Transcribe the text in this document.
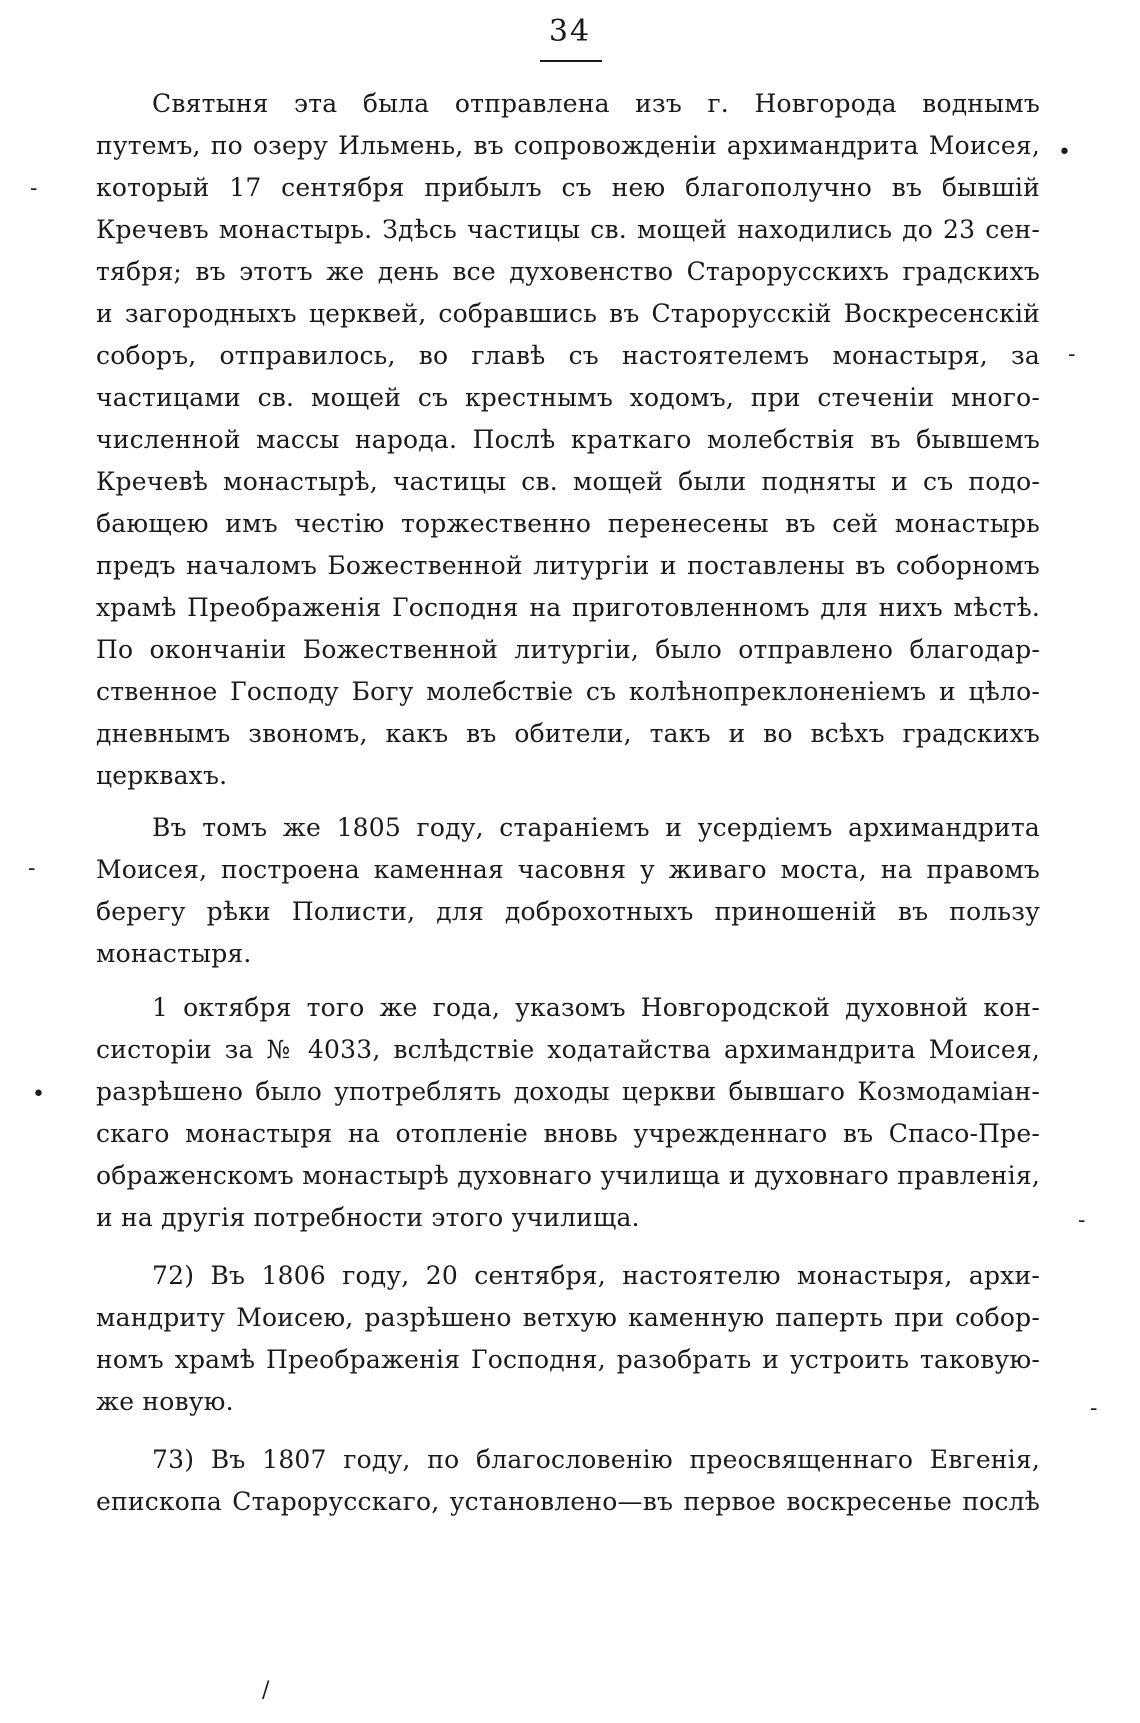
34
Святыня эта была отправлена изъ г. Новгорода воднымъ
путемъ, по озеру Ильмень, въ сопровожденіи архимандрита Моисея,
который 17 сентября прибылъ съ нею благополучно въ бывшій
Кречевъ монастырь. Здѣсь частицы св. мощей находились до 23 сен-
тября; въ этотъ же день все духовенство Старорусскихъ градскихъ
и загородныхъ церквей, собравшись въ Старорусскій Воскресенскій
соборъ, отправилось, во главѣ съ настоятелемъ монастыря, за
частицами св. мощей съ крестнымъ ходомъ, при стеченіи много-
численной массы народа. Послѣ краткаго молебствія въ бывшемъ
Кречевѣ монастырѣ, частицы св. мощей были подняты и съ подо-
бающею имъ честію торжественно перенесены въ сей монастырь
предъ началомъ Божественной литургіи и поставлены въ соборномъ
храмѣ Преображенія Господня на приготовленномъ для нихъ мѣстѣ.
По окончаніи Божественной литургіи, было отправлено благодар-
ственное Господу Богу молебствіе съ колѣнопреклоненіемъ и цѣло-
дневнымъ звономъ, какъ въ обители, такъ и во всѣхъ градскихъ
церквахъ.
Въ томъ же 1805 году, стараніемъ и усердіемъ архимандрита
Моисея, построена каменная часовня у живаго моста, на правомъ
берегу рѣки Полисти, для доброхотныхъ приношеній въ пользу
монастыря.
1 октября того же года, указомъ Новгородской духовной кон-
систоріи за № 4033, вслѣдствіе ходатайства архимандрита Моисея,
разрѣшено было употреблять доходы церкви бывшаго Козмодаміан-
скаго монастыря на отопленіе вновь учрежденнаго въ Спасо-Пре-
ображенскомъ монастырѣ духовнаго училища и духовнаго правленія,
и на другія потребности этого училища.
72) Въ 1806 году, 20 сентября, настоятелю монастыря, архи-
мандриту Моисею, разрѣшено ветхую каменную паперть при собор-
номъ храмѣ Преображенія Господня, разобрать и устроить таковую-
же новую.
73) Въ 1807 году, по благословенію преосвященнаго Евгенія,
епископа Старорусскаго, установлено—въ первое воскресенье послѣ
•
-
-
-
•
-
-
/
